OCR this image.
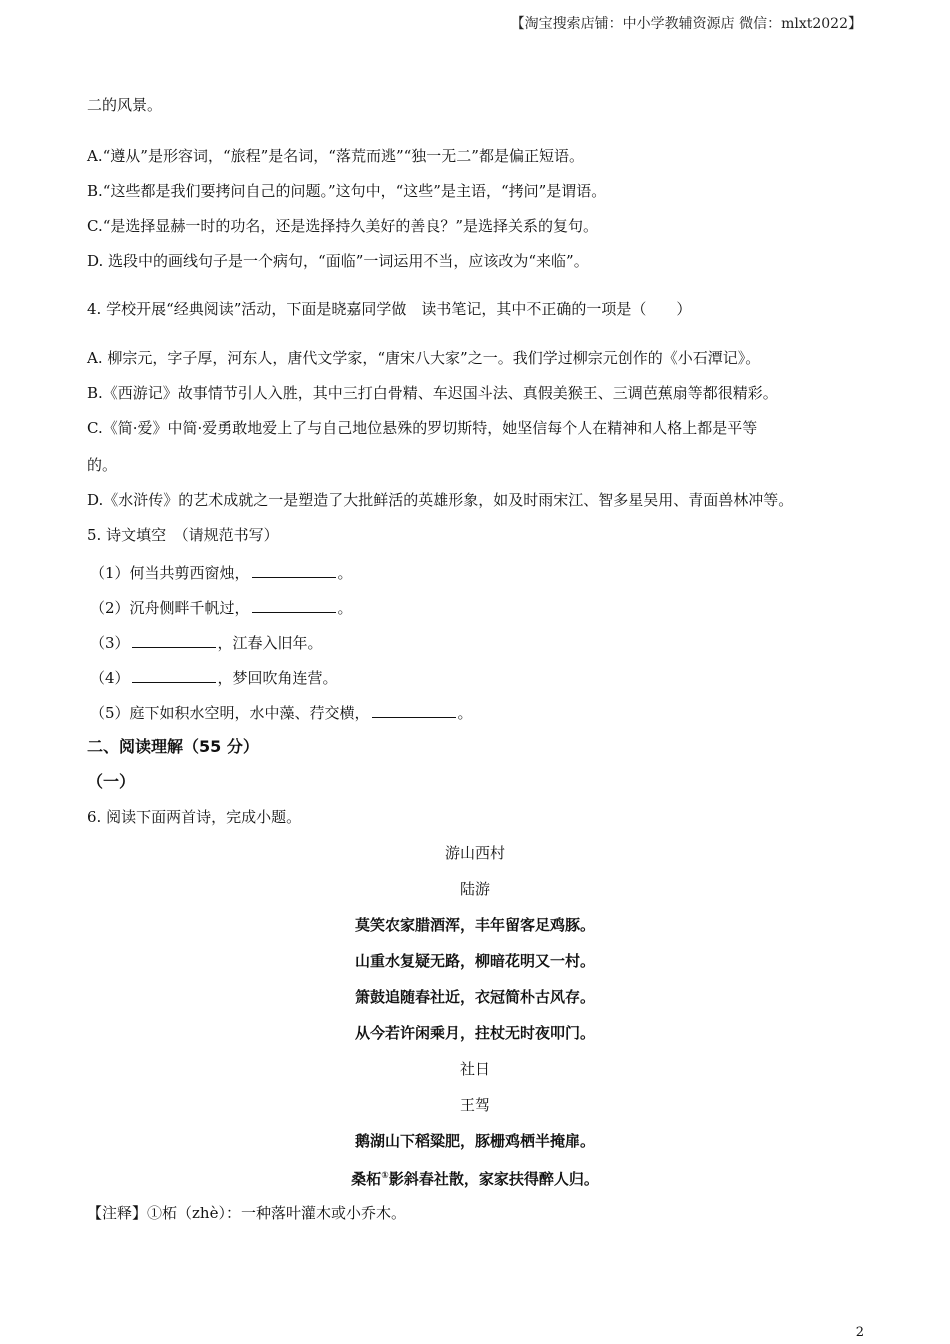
【淘宝搜索店铺：中小学教辅资源店 微信：mlxt2022】
二的风景。
A.“遵从”是形容词，“旅程”是名词，“落荒而逃”“独一无二”都是偏正短语。
B.“这些都是我们要拷问自己的问题。”这句中，“这些”是主语，“拷问”是谓语。
C.“是选择显赫一时的功名，还是选择持久美好的善良？”是选择关系的复句。
D. 选段中的画线句子是一个病句，“面临”一词运用不当，应该改为“来临”。
4. 学校开展“经典阅读”活动，下面是晓嘉同学做　读书笔记，其中不正确的一项是（　　）
A. 柳宗元，字子厚，河东人，唐代文学家，“唐宋八大家”之一。我们学过柳宗元创作的《小石潭记》。
B.《西游记》故事情节引人入胜，其中三打白骨精、车迟国斗法、真假美猴王、三调芭蕉扇等都很精彩。
C.《简·爱》中简·爱勇敢地爱上了与自己地位悬殊的罗切斯特，她坚信每个人在精神和人格上都是平等
的。
D.《水浒传》的艺术成就之一是塑造了大批鲜活的英雄形象，如及时雨宋江、智多星吴用、青面兽林冲等。
5. 诗文填空　（请规范书写）
（1）何当共剪西窗烛，	。
（2）沉舟侧畔千帆过，	。
（3）	，江春入旧年。
（4）	，梦回吹角连营。
（5）庭下如积水空明，水中藻、荇交横，	。
二、阅读理解（55 分）
（一）
6. 阅读下面两首诗，完成小题。
游山西村
陆游
莫笑农家腊酒浑，丰年留客足鸡豚。
山重水复疑无路，柳暗花明又一村。
箫鼓追随春社近，衣冠简朴古风存。
从今若许闲乘月，拄杖无时夜叩门。
社日
王驾
鹅湖山下稻粱肥，豚栅鸡栖半掩扉。
桑柘①影斜春社散，家家扶得醉人归。
【注释】①柘（zhè）：一种落叶灌木或小乔木。
2
